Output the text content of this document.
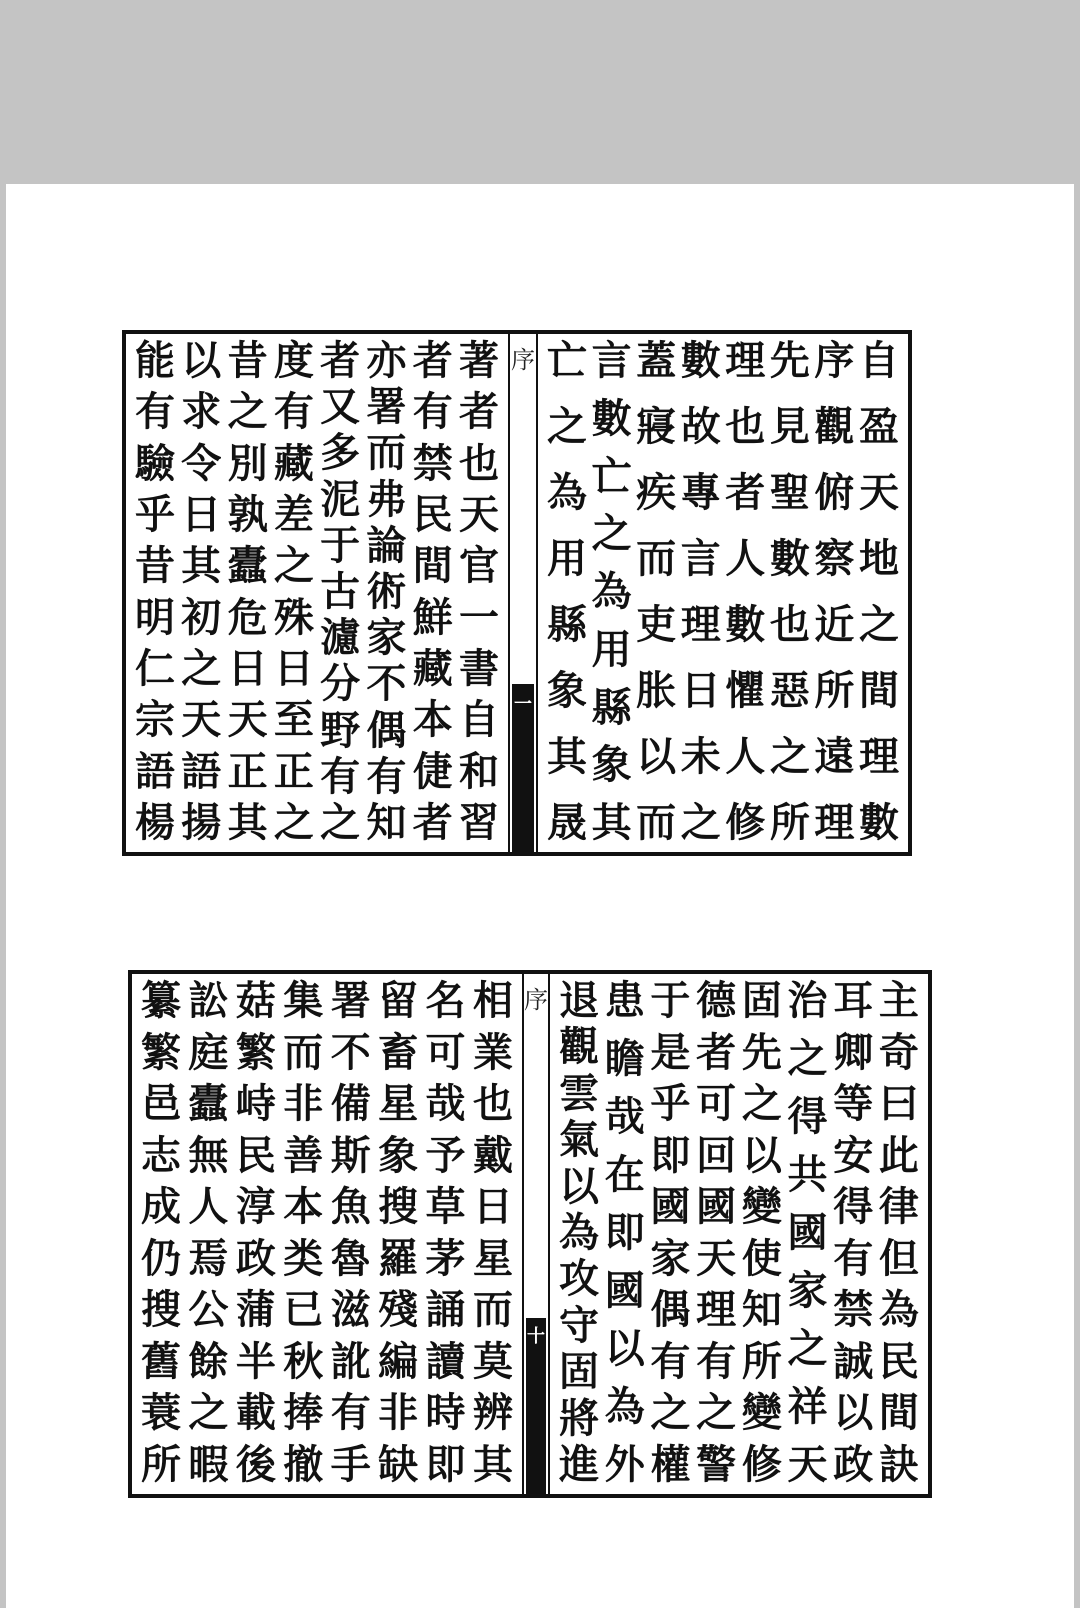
自
盈
天
地
之
間
理
數
序
觀
俯
察
近
所
遠
理
先
見
聖
數
也
惡
之
所
理
也
者
人
數
懼
人
修
數
故
專
言
理
日
未
之
蓋
寢
疾
而
吏
胀
以
而
言
數
亡
之
為
用
縣
象
其
亡
之
為
用
縣
象
其
晟
序
一
著
者
也
天
官
一
書
自
和
習
者
有
禁
民
間
鮮
藏
本
倢
者
亦
署
而
弗
論
術
家
不
偶
有
知
者
又
多
泥
于
古
濾
分
野
有
之
度
有
藏
差
之
殊
日
至
正
之
昔
之
別
孰
蠹
危
日
天
正
其
以
求
令
日
其
初
之
天
語
揚
能
有
驗
乎
昔
明
仁
宗
語
楊
主
奇
曰
此
律
但
為
民
間
訣
耳
卿
等
安
得
有
禁
誠
以
政
治
之
得
共
國
家
之
祥
天
固
先
之
以
變
使
知
所
變
修
德
者
可
回
國
天
理
有
之
警
于
是
乎
即
國
家
偶
有
之
權
患
瞻
哉
在
即
國
以
為
外
退
觀
雲
氣
以
為
攻
守
固
將
進
序
十
相
業
也
戴
日
星
而
莫
辨
其
名
可
哉
予
草
茅
誦
讀
時
即
留
畜
星
象
搜
羅
殘
編
非
缺
署
不
備
斯
魚
魯
滋
訛
有
手
集
而
非
善
本
类
已
秋
捧
撤
菇
繁
峙
民
淳
政
蒲
半
載
後
訟
庭
蠹
無
人
焉
公
餘
之
暇
纂
繁
邑
志
成
仍
搜
舊
蓑
所
